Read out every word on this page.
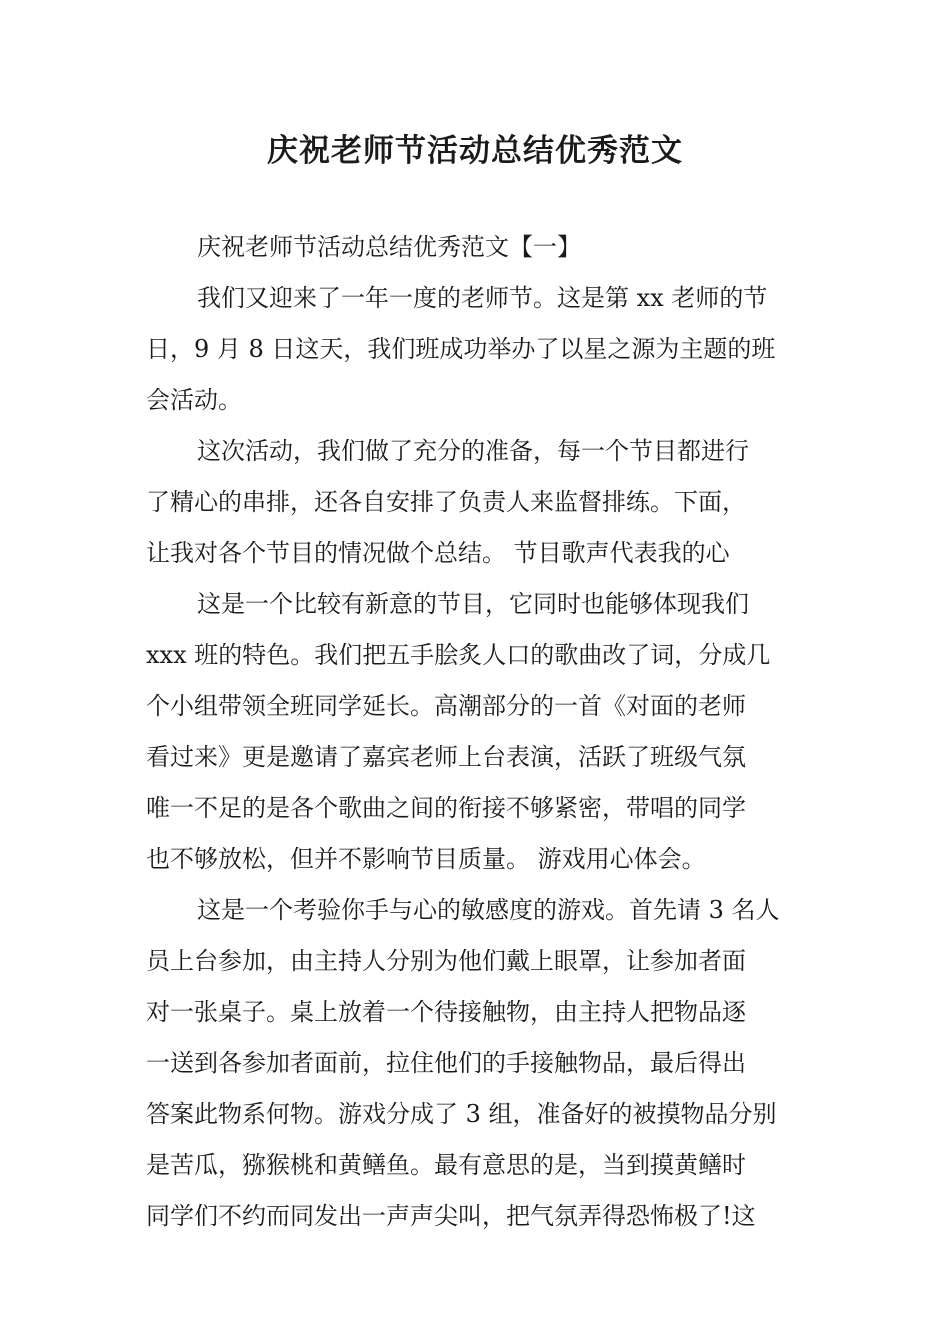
庆祝老师节活动总结优秀范文
庆祝老师节活动总结优秀范文【一】
我们又迎来了一年一度的老师节。这是第 xx 老师的节
日，9 月 8 日这天，我们班成功举办了以星之源为主题的班
会活动。
这次活动，我们做了充分的准备，每一个节目都进行
了精心的串排，还各自安排了负责人来监督排练。下面，
让我对各个节目的情况做个总结。 节目歌声代表我的心
这是一个比较有新意的节目，它同时也能够体现我们
xxx 班的特色。我们把五手脍炙人口的歌曲改了词，分成几
个小组带领全班同学延长。高潮部分的一首《对面的老师
看过来》更是邀请了嘉宾老师上台表演，活跃了班级气氛
唯一不足的是各个歌曲之间的衔接不够紧密，带唱的同学
也不够放松，但并不影响节目质量。 游戏用心体会。
这是一个考验你手与心的敏感度的游戏。首先请 3 名人
员上台参加，由主持人分别为他们戴上眼罩，让参加者面
对一张桌子。桌上放着一个待接触物，由主持人把物品逐
一送到各参加者面前，拉住他们的手接触物品，最后得出
答案此物系何物。游戏分成了 3 组，准备好的被摸物品分别
是苦瓜，猕猴桃和黄鳝鱼。最有意思的是，当到摸黄鳝时
同学们不约而同发出一声声尖叫，把气氛弄得恐怖极了!这
